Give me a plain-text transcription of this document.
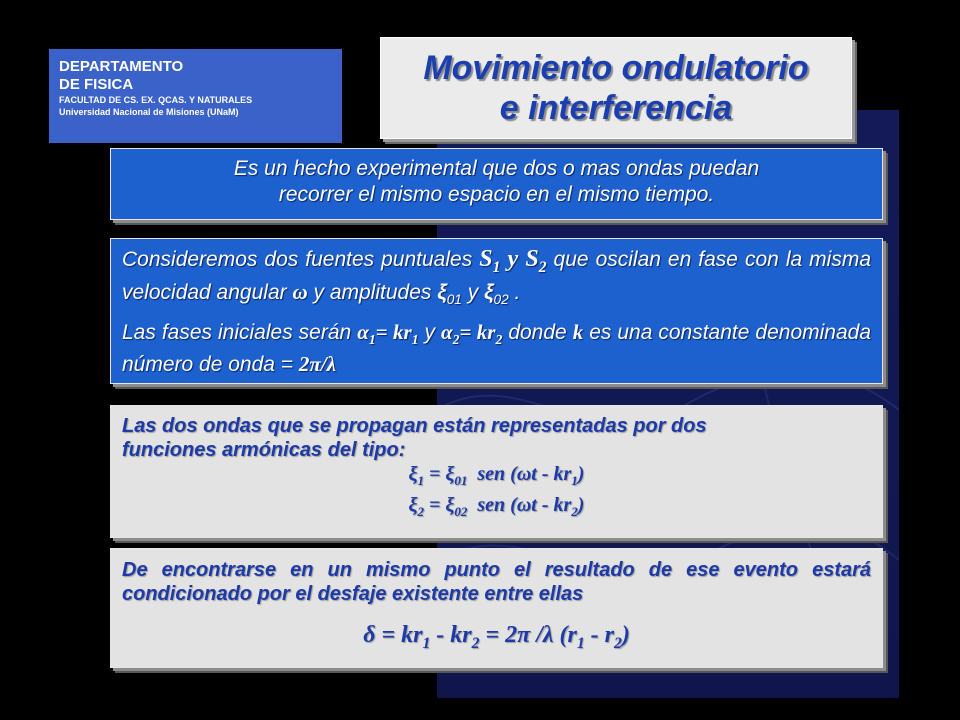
DEPARTAMENTO
DE FISICA
FACULTAD DE CS. EX. QCAS. Y NATURALES
Universidad Nacional de Misiones (UNaM)
Movimiento ondulatorio
e interferencia
Es un hecho experimental que dos o mas ondas puedan
recorrer el mismo espacio en el mismo tiempo.

Consideremos dos fuentes puntuales $S_1$ y $S_2$ que oscilan en fase con la misma velocidad angular ω y amplitudes $\xi_{01}$ y $\xi_{02}$ .

Las fases iniciales serán $\alpha_1= kr_1$ y $\alpha_2= kr_2$ donde k es una constante denominada número de onda = 2π/λ

Las dos ondas que se propagan están representadas por dos
funciones armónicas del tipo:
$\xi_1 = \xi_{01}$  sen $(\omega t - kr_1)$
$\xi_2 = \xi_{02}$  sen $(\omega t - kr_2)$
De encontrarse en un mismo punto el resultado de ese evento estará condicionado por el desfaje existente entre ellas
$\delta = kr_1 - kr_2 = 2\pi$ /λ $(r_1 - r_2)$
